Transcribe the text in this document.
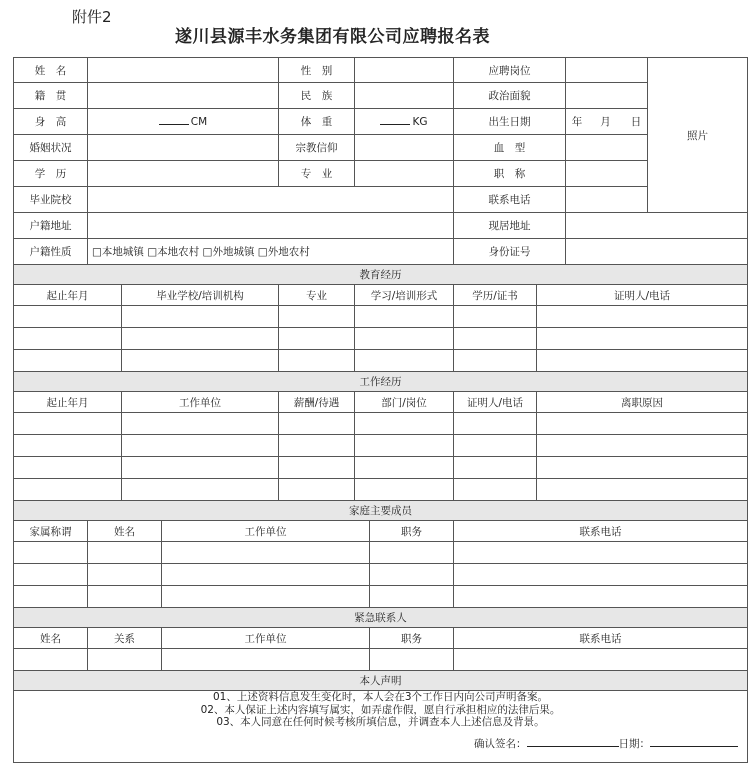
附件2
遂川县源丰水务集团有限公司应聘报名表
姓　名				性　别			应聘岗位			照片
籍　贯				民　族			政治面貌			
身　高	CM			体　重	KG		出生日期		年 月 日	
婚姻状况				宗教信仰			血　型			
学　历				专　业			职　称			
毕业院校							联系电话			
户籍地址							现居地址			
户籍性质	□本地城镇 □本地农村 □外地城镇 □外地农村						身份证号			
教育经历										
起止年月		毕业学校/培训机构		专业	学习/培训形式		学历/证书	证明人/电话		

工作经历										
起止年月		工作单位		薪酬/待遇	部门/岗位		证明人/电话	离职原因		

家庭主要成员										
家属称谓	姓名		工作单位			职务	联系电话			

紧急联系人										
姓名	关系		工作单位			职务	联系电话			

本人声明										

01、上述资料信息发生变化时，本人会在3个工作日内向公司声明备案。
02、本人保证上述内容填写属实，如弄虚作假，愿自行承担相应的法律后果。
03、本人同意在任何时候考核所填信息，并调查本人上述信息及背景。
确认签名： 日期：										
